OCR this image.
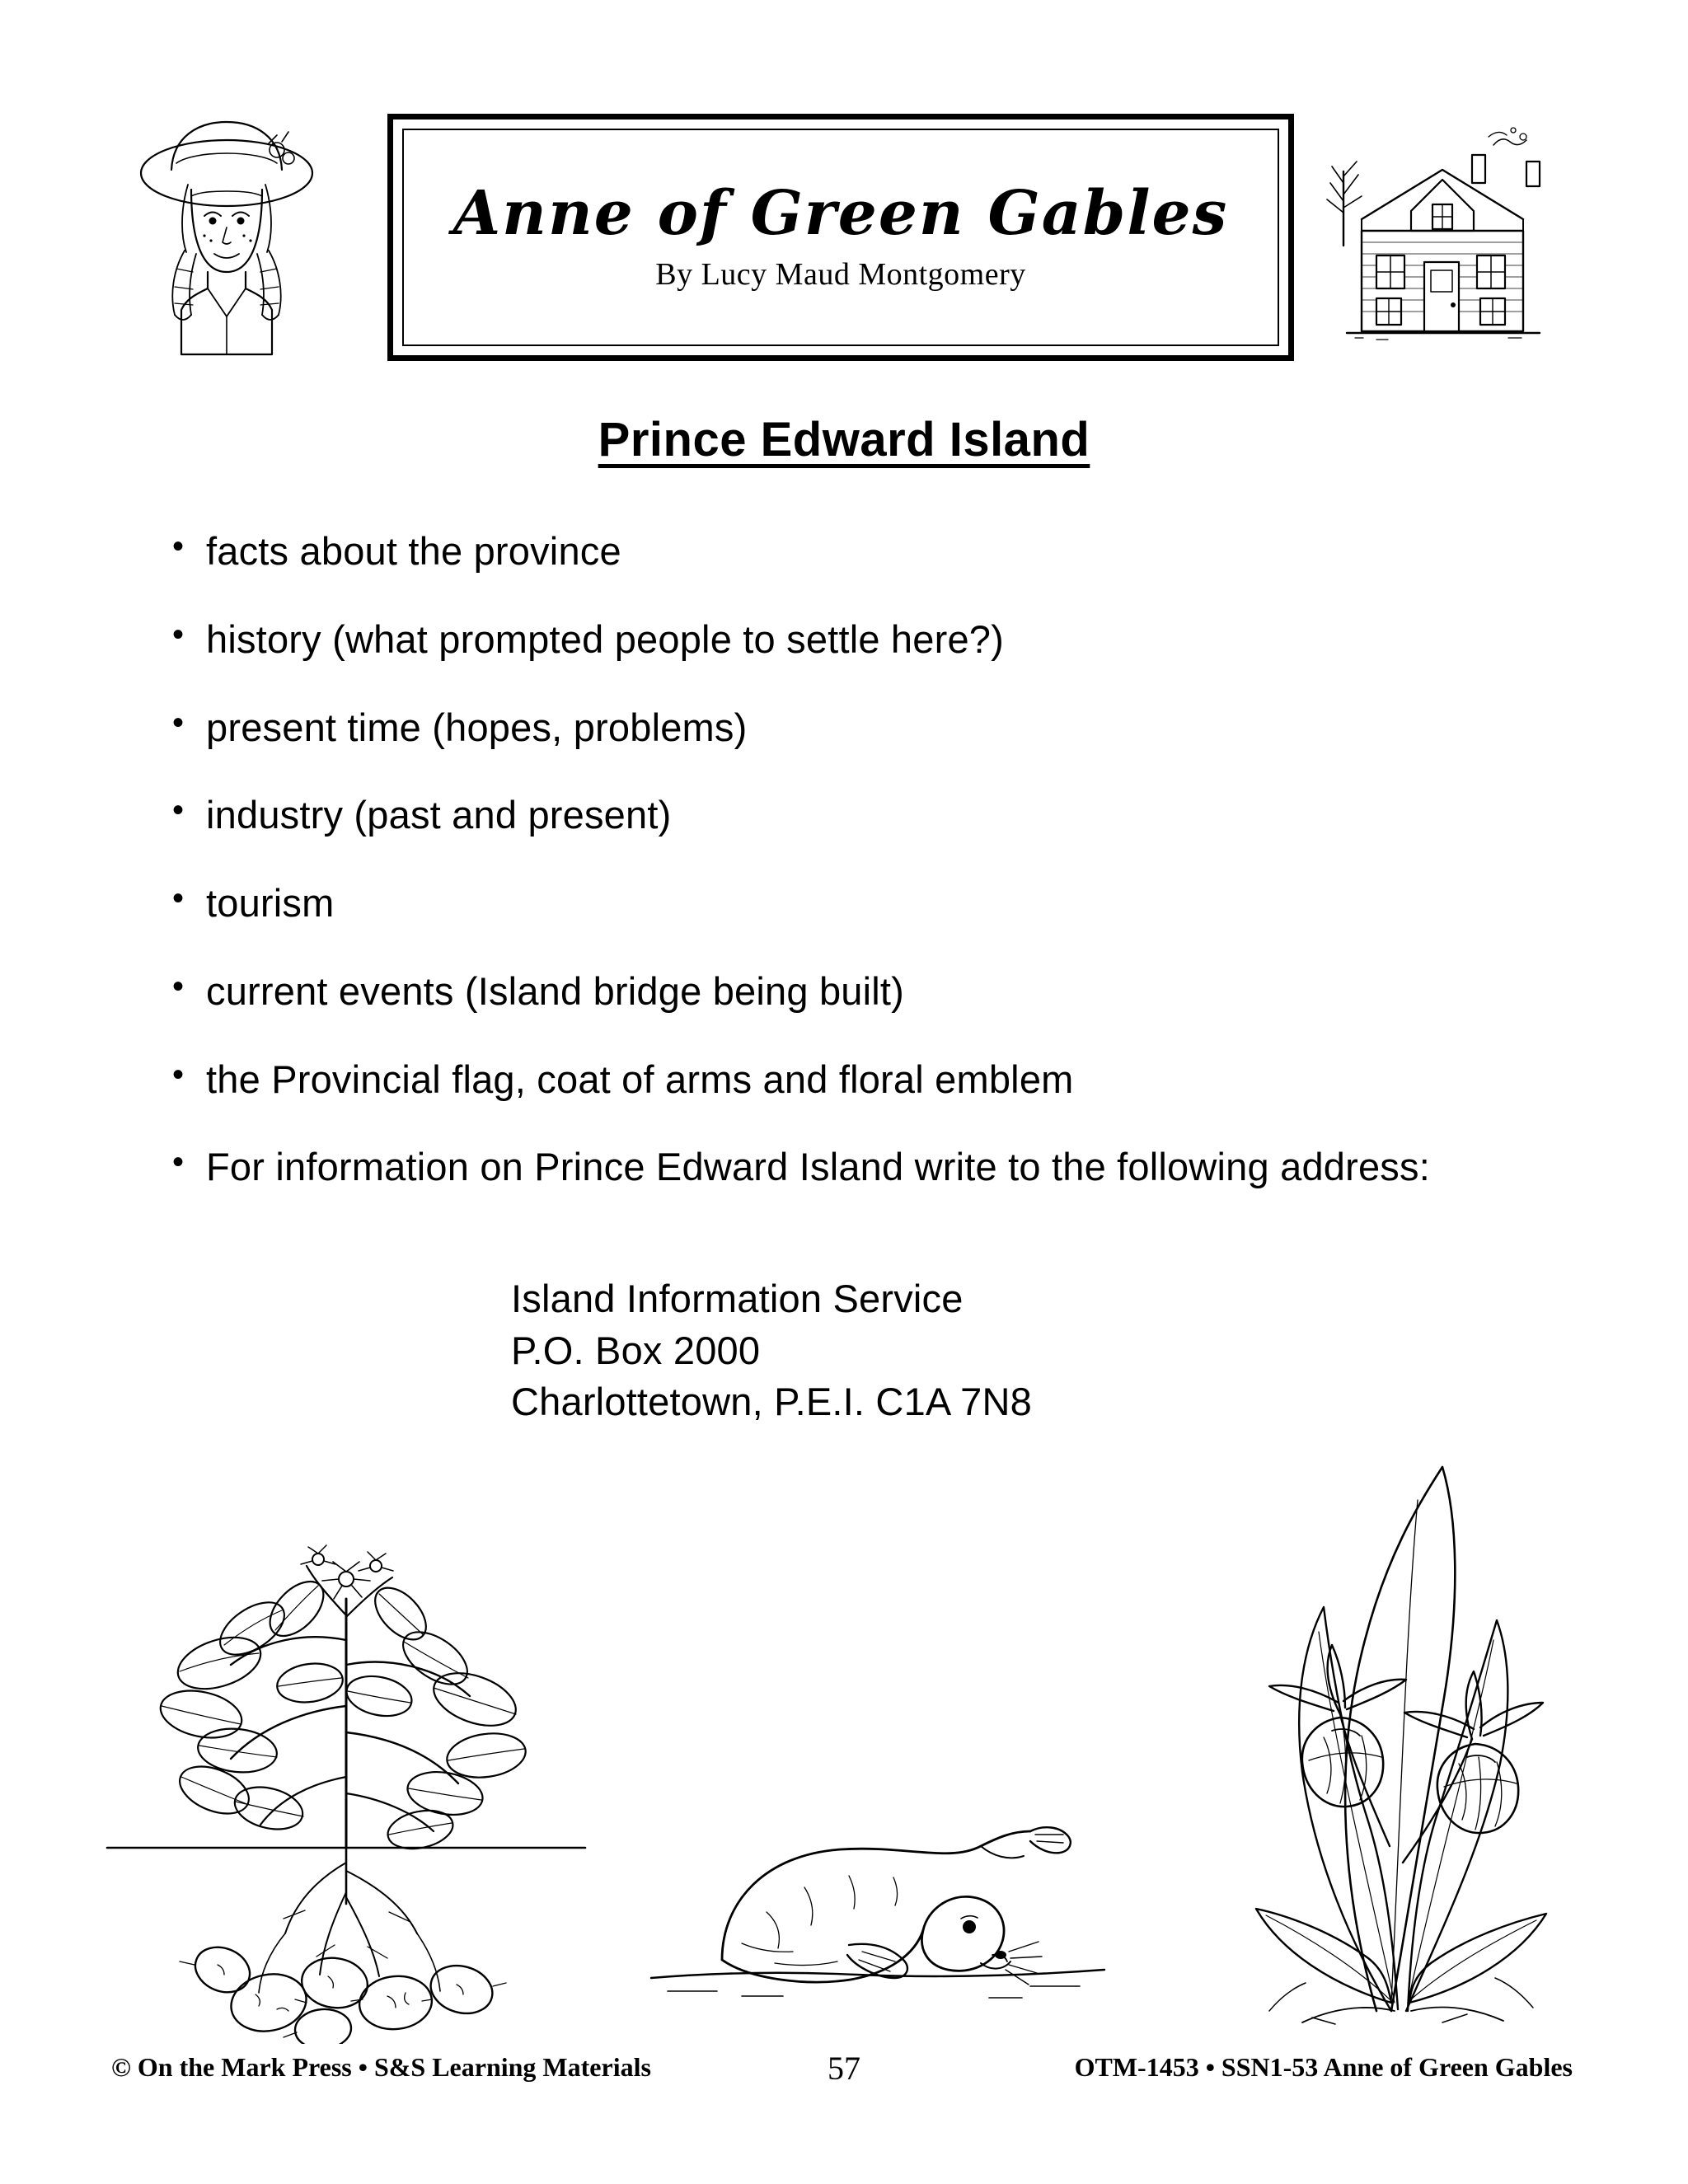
Anne of Green Gables
By Lucy Maud Montgomery
Prince Edward Island
• facts about the province
• history (what prompted people to settle here?)
• present time (hopes, problems)
• industry (past and present)
• tourism
• current events (Island bridge being built)
• the Provincial flag, coat of arms and floral emblem
• For information on Prince Edward Island write to the following address:
Island Information Service
P.O. Box 2000
Charlottetown, P.E.I. C1A 7N8
© On the Mark Press • S&S Learning Materials	57	OTM-1453 • SSN1-53 Anne of Green Gables
